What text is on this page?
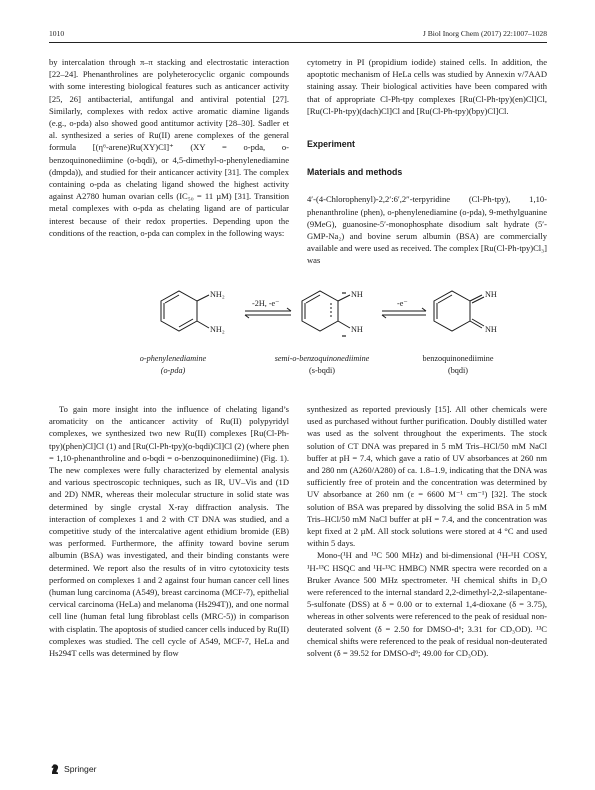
1010	J Biol Inorg Chem (2017) 22:1007–1028

by intercalation through π–π stacking and electrostatic interaction [22–24]. Phenanthrolines are polyheterocyclic organic compounds with some interesting biological features such as anticancer activity [25, 26] antibacterial, antifungal and antiviral potential [27]. Similarly, complexes with redox active aromatic diamine ligands (e.g., o-pda) also showed good antitumor activity [28–30]. Sadler et al. synthesized a series of Ru(II) arene complexes of the general formula [(η⁶-arene)Ru(XY)Cl]⁺ (XY = o-pda, o-benzoquinonediimine (o-bqdi), or 4,5-dimethyl-o-phenylenediamine (dmpda)), and studied for their anticancer activity [31]. The complex containing o-pda as chelating ligand showed the highest activity against A2780 human ovarian cells (IC₅₀ = 11 µM) [31]. Transition metal complexes with o-pda as chelating ligand are of particular interest because of their redox properties. Depending upon the conditions of the reaction, o-pda can complex in the following ways:

cytometry in PI (propidium iodide) stained cells. In addition, the apoptotic mechanism of HeLa cells was studied by Annexin v/7AAD staining assay. Their biological activities have been compared with that of appropriate Cl-Ph-tpy complexes [Ru(Cl-Ph-tpy)(en)Cl]Cl, [Ru(Cl-Ph-tpy)(dach)Cl]Cl and [Ru(Cl-Ph-tpy)(bpy)Cl]Cl.

Experiment

Materials and methods

4′-(4-Chlorophenyl)-2,2′:6′,2″-terpyridine (Cl-Ph-tpy), 1,10-phenanthroline (phen), o-phenylenediamine (o-pda), 9-methylguanine (9MeG), guanosine-5′-monophosphate disodium salt hydrate (5′-GMP-Na₂) and bovine serum albumin (BSA) are commercially available and were used as received. The complex [Ru(Cl-Ph-tpy)Cl₃] was

NH₂
NH₂
-2H, -e⁻
NH
NH
-e⁻
NH
NH
o-phenylenediamine
(o-pda)
semi-o-benzoquinonediimine
(s-bqdi)
benzoquinonediimine
(bqdi)

To gain more insight into the influence of chelating ligand’s aromaticity on the anticancer activity of Ru(II) polypyridyl complexes, we synthesized two new Ru(II) complexes [Ru(Cl-Ph-tpy)(phen)Cl]Cl (1) and [Ru(Cl-Ph-tpy)(o-bqdi)Cl]Cl (2) (where phen = 1,10-phenanthroline and o-bqdi = o-benzoquinonediimine) (Fig. 1). The new complexes were fully characterized by elemental analysis and various spectroscopic techniques, such as IR, UV–Vis and (1D and 2D) NMR, whereas their molecular structure in solid state was determined by single crystal X-ray diffraction analysis. The interaction of complexes 1 and 2 with CT DNA was studied, and a competitive study of the intercalative agent ethidium bromide (EB) was performed. Furthermore, the affinity toward bovine serum albumin (BSA) was investigated, and their binding constants were determined. We report also the results of in vitro cytotoxicity tests performed on complexes 1 and 2 against four human cancer cell lines (human lung carcinoma (A549), breast carcinoma (MCF-7), epithelial cervical carcinoma (HeLa) and melanoma (Hs294T)), and one normal cell line (human fetal lung fibroblast cells (MRC-5)) in comparison with cisplatin. The apoptosis of studied cancer cells induced by Ru(II) complexes was studied. The cell cycle of A549, MCF-7, HeLa and Hs294T cells was determined by flow

synthesized as reported previously [15]. All other chemicals were used as purchased without further purification. Doubly distilled water was used as the solvent throughout the experiments. The stock solution of CT DNA was prepared in 5 mM Tris–HCl/50 mM NaCl buffer at pH = 7.4, which gave a ratio of UV absorbances at 260 nm and 280 nm (A260/A280) of ca. 1.8–1.9, indicating that the DNA was sufficiently free of protein and the concentration was determined by UV absorbance at 260 nm (ε = 6600 M⁻¹ cm⁻¹) [32]. The stock solution of BSA was prepared by dissolving the solid BSA in 5 mM Tris–HCl/50 mM NaCl buffer at pH = 7.4, and the concentration was kept fixed at 2 µM. All stock solutions were stored at 4 °C and used within 5 days.

Mono-(¹H and ¹³C 500 MHz) and bi-dimensional (¹H-¹H COSY, ¹H-¹³C HSQC and ¹H-¹³C HMBC) NMR spectra were recorded on a Bruker Avance 500 MHz spectrometer. ¹H chemical shifts in D₂O were referenced to the internal standard 2,2-dimethyl-2,2-silapentane-5-sulfonate (DSS) at δ = 0.00 or to external 1,4-dioxane (δ = 3.75), whereas in other solvents were referenced to the peak of residual non-deuterated solvent (δ = 2.50 for DMSO-d⁶; 3.31 for CD₃OD). ¹³C chemical shifts were referenced to the peak of residual non-deuterated solvent (δ = 39.52 for DMSO-d⁶; 49.00 for CD₃OD).

Springer
